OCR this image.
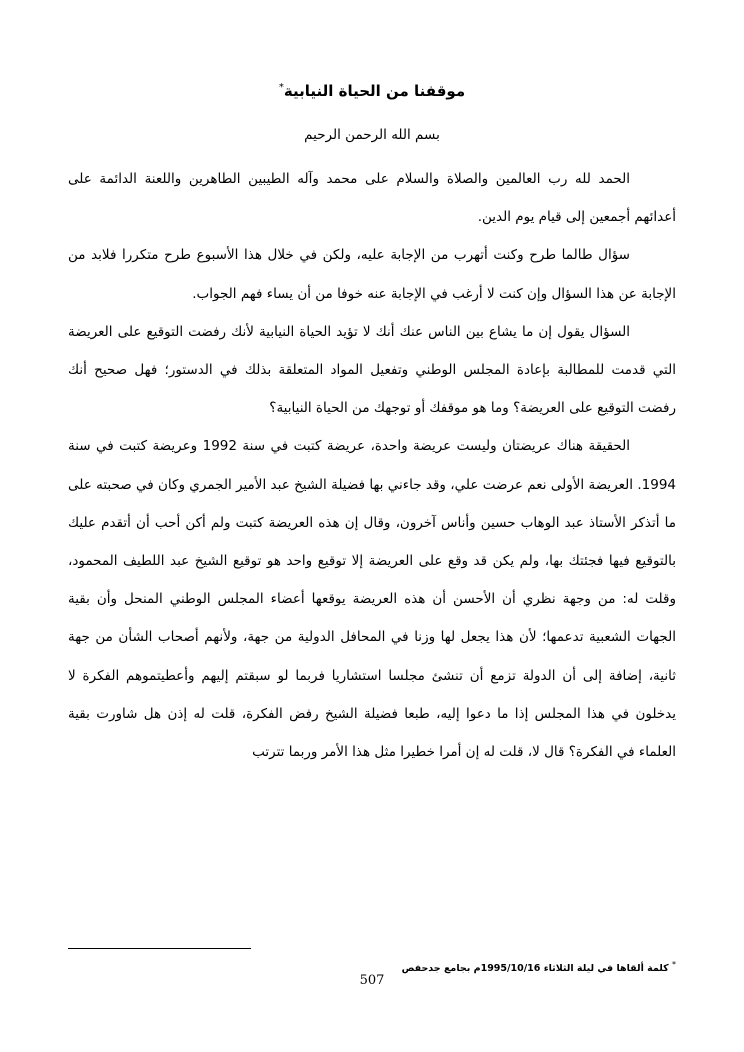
موقفنا من الحياة النيابية*
بسم الله الرحمن الرحيم

الحمد لله رب العالمين والصلاة والسلام على محمد وآله الطيبين الطاهرين واللعنة الدائمة على أعدائهم أجمعين إلى قيام يوم الدين.

سؤال طالما طرح وكنت أتهرب من الإجابة عليه، ولكن في خلال هذا الأسبوع طرح متكررا فلابد من الإجابة عن هذا السؤال وإن كنت لا أرغب في الإجابة عنه خوفا من أن يساء فهم الجواب.

السؤال يقول إن ما يشاع بين الناس عنك أنك لا تؤيد الحياة النيابية لأنك رفضت التوقيع على العريضة التي قدمت للمطالبة بإعادة المجلس الوطني وتفعيل المواد المتعلقة بذلك في الدستور؛ فهل صحيح أنك رفضت التوقيع على العريضة؟ وما هو موقفك أو توجهك من الحياة النيابية؟

الحقيقة هناك عريضتان وليست عريضة واحدة، عريضة كتبت في سنة 1992 وعريضة كتبت في سنة 1994. العريضة الأولى نعم عرضت علي، وقد جاءني بها فضيلة الشيخ عبد الأمير الجمري وكان في صحبته على ما أتذكر الأستاذ عبد الوهاب حسين وأناس آخرون، وقال إن هذه العريضة كتبت ولم أكن أحب أن أتقدم عليك بالتوقيع فيها فجئتك بها، ولم يكن قد وقع على العريضة إلا توقيع واحد هو توقيع الشيخ عبد اللطيف المحمود، وقلت له: من وجهة نظري أن الأحسن أن هذه العريضة يوقعها أعضاء المجلس الوطني المنحل وأن بقية الجهات الشعبية تدعمها؛ لأن هذا يجعل لها وزنا في المحافل الدولية من جهة، ولأنهم أصحاب الشأن من جهة ثانية، إضافة إلى أن الدولة تزمع أن تنشئ مجلسا استشاريا فربما لو سبقتم إليهم وأعطيتموهم الفكرة لا يدخلون في هذا المجلس إذا ما دعوا إليه، طبعا فضيلة الشيخ رفض الفكرة، قلت له إذن هل شاورت بقية العلماء في الفكرة؟ قال لا، قلت له إن أمرا خطيرا مثل هذا الأمر وربما تترتب

* كلمة ألقاها في ليلة الثلاثاء 1995/10/16م بجامع جدحفص
507
